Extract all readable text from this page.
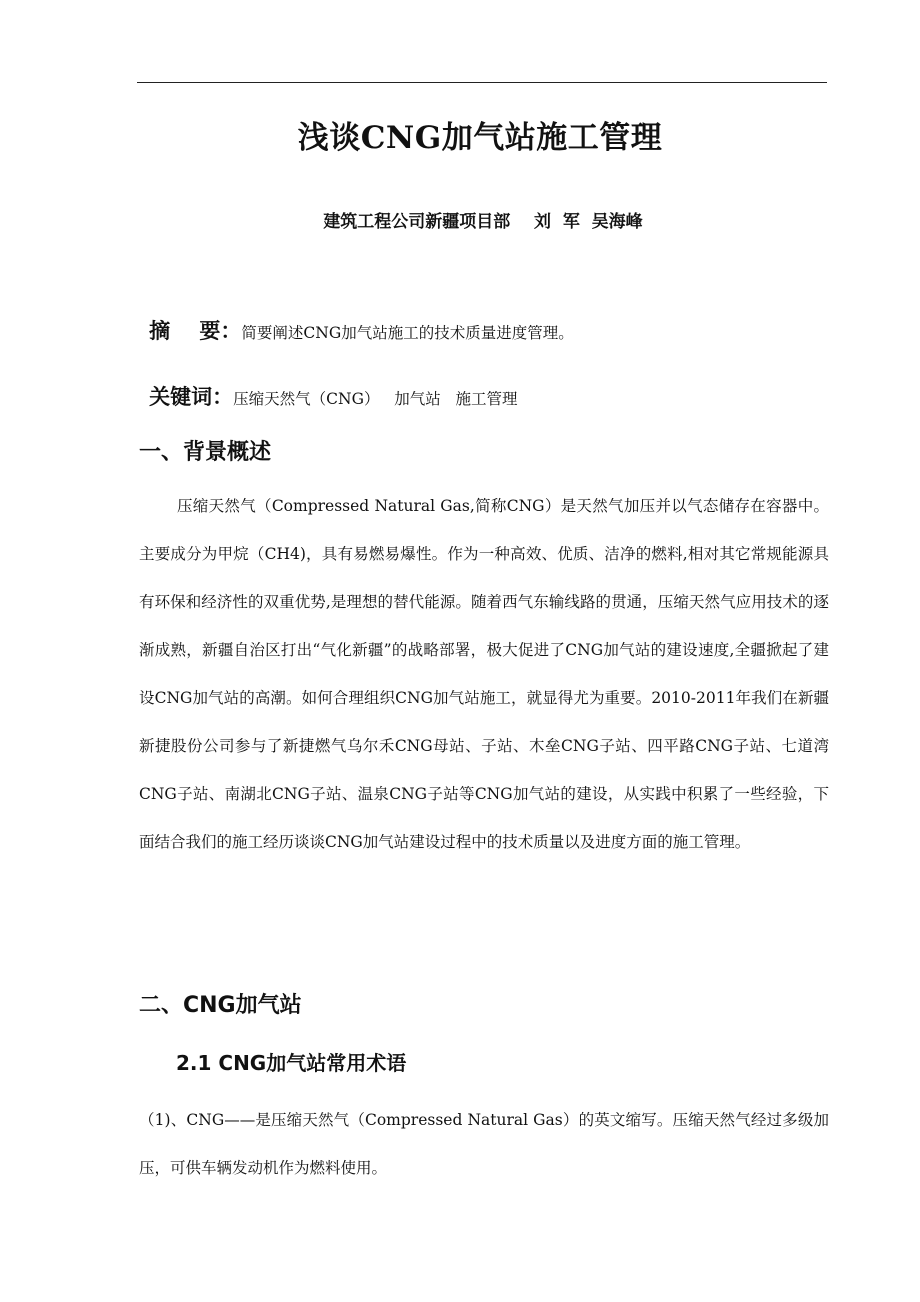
浅谈CNG加气站施工管理
建筑工程公司新疆项目部    刘  军  吴海峰

摘    要：简要阐述CNG加气站施工的技术质量进度管理。

关键词：压缩天然气（CNG）   加气站   施工管理

一、背景概述

压缩天然气（Compressed Natural Gas,简称CNG）是天然气加压并以气态储存在容器中。主要成分为甲烷（CH4)，具有易燃易爆性。作为一种高效、优质、洁净的燃料,相对其它常规能源具有环保和经济性的双重优势,是理想的替代能源。随着西气东输线路的贯通，压缩天然气应用技术的逐渐成熟，新疆自治区打出“气化新疆”的战略部署，极大促进了CNG加气站的建设速度,全疆掀起了建设CNG加气站的高潮。如何合理组织CNG加气站施工，就显得尤为重要。2010-2011年我们在新疆新捷股份公司参与了新捷燃气乌尔禾CNG母站、子站、木垒CNG子站、四平路CNG子站、七道湾CNG子站、南湖北CNG子站、温泉CNG子站等CNG加气站的建设，从实践中积累了一些经验，下面结合我们的施工经历谈谈CNG加气站建设过程中的技术质量以及进度方面的施工管理。

二、CNG加气站
2.1 CNG加气站常用术语

（1)、CNG——是压缩天然气（Compressed Natural Gas）的英文缩写。压缩天然气经过多级加压，可供车辆发动机作为燃料使用。
